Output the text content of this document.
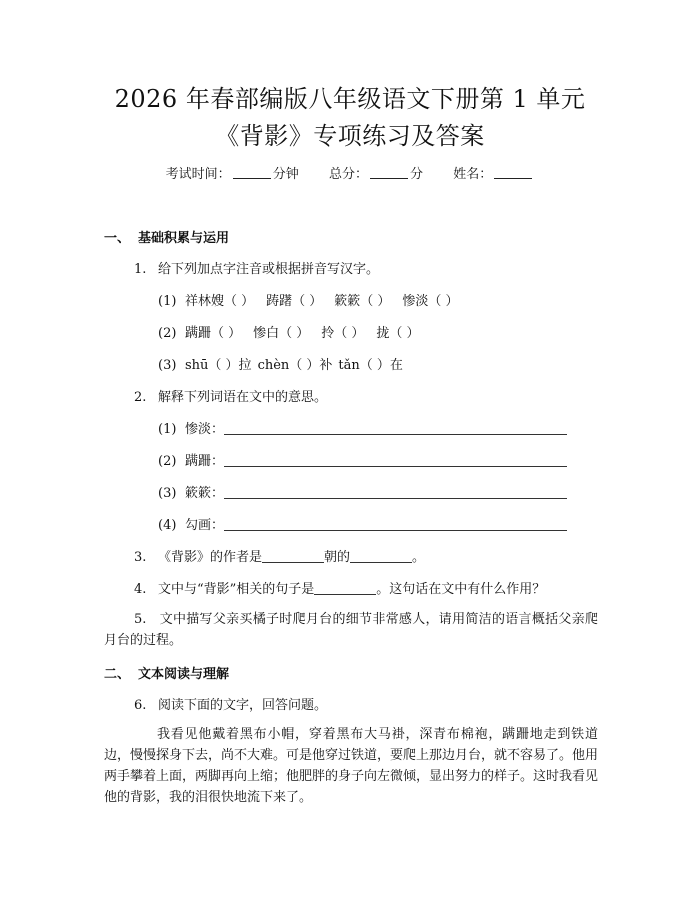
2026 年春部编版八年级语文下册第 1 单元
《背影》专项练习及答案
考试时间：	分钟 总分：	分 姓名：
一、 基础积累与运用
1. 给下列加点字注音或根据拼音写汉字。
(1) 祥林嫂（ ） 踌躇（ ） 簌簌（ ） 惨淡（ ）
(2) 蹒跚（ ） 惨白（ ） 拎（ ） 拢（ ）
(3) shū（ ）拉 chèn（ ）补 tǎn（ ）在
2. 解释下列词语在文中的意思。
(1) 惨淡：
(2) 蹒跚：
(3) 簌簌：
(4) 勾画：
3. 《背影》的作者是	朝的	。
4. 文中与“背影”相关的句子是	。这句话在文中有什么作用？
5. 文中描写父亲买橘子时爬月台的细节非常感人，请用简洁的语言概括父亲爬月台的过程。
二、 文本阅读与理解
6. 阅读下面的文字，回答问题。
我看见他戴着黑布小帽，穿着黑布大马褂，深青布棉袍，蹒跚地走到铁道边，慢慢探身下去，尚不大难。可是他穿过铁道，要爬上那边月台，就不容易了。他用两手攀着上面，两脚再向上缩；他肥胖的身子向左微倾，显出努力的样子。这时我看见他的背影，我的泪很快地流下来了。
